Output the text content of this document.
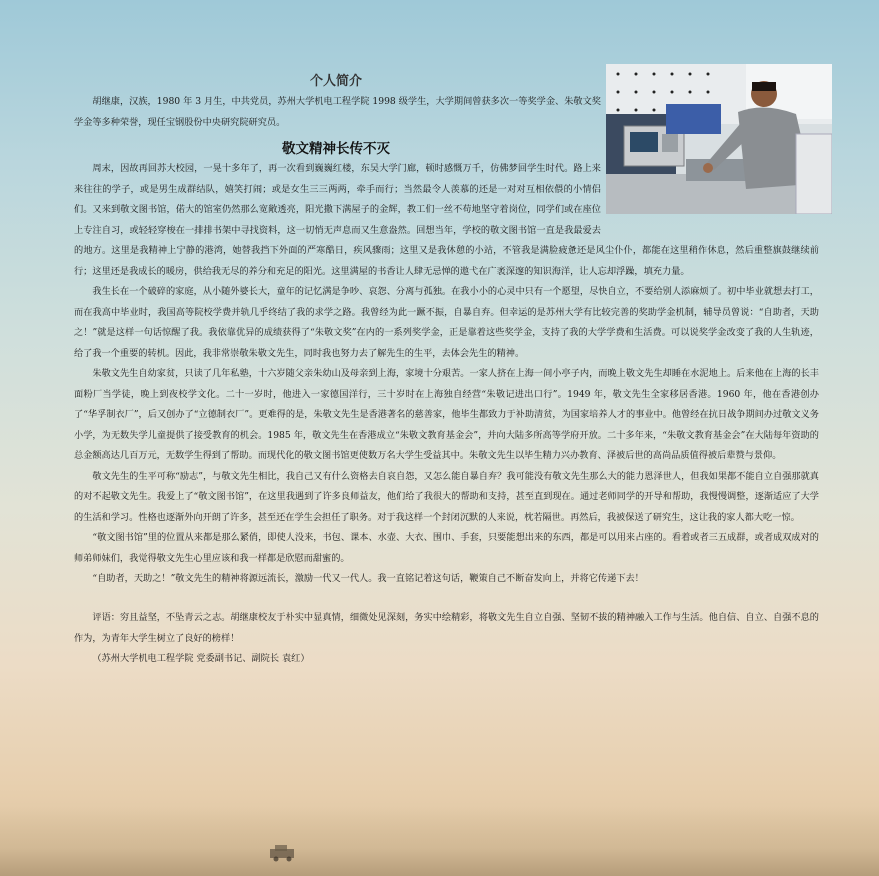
个人简介

胡继康，汉族，1980 年 3 月生，中共党员，苏州大学机电工程学院 1998 级学生，大学期间曾获多次一等奖学金、朱敬文奖学金等多种荣誉，现任宝钢股份中央研究院研究员。

敬文精神长传不灭

周末，因故再回苏大校园，一晃十多年了，再一次看到巍巍红楼，东吴大学门廊，顿时感慨万千，仿佛梦回学生时代。路上来来往往的学子，或是男生成群结队，嬉笑打闹；或是女生三三两两，牵手而行；当然最令人羡慕的还是一对对互相依偎的小情侣们。又来到敬文图书馆，偌大的馆室仍然那么宽敞透亮，阳光撒下满屋子的金辉，教工们一丝不苟地坚守着岗位，同学们或在座位上专注自习，或轻轻穿梭在一排排书架中寻找资料，这一切悄无声息而又生意盎然。回想当年，学校的敬文图书馆一直是我最爱去的地方。这里是我精神上宁静的港湾，她替我挡下外面的严寒酷日，疾风骤雨；这里又是我休憩的小站，不管我是满脸疲惫还是风尘仆仆，都能在这里稍作休息，然后重整旗鼓继续前行；这里还是我成长的暖房，供给我无尽的养分和充足的阳光。这里满屋的书香让人肆无忌惮的遨弋在广袤深邃的知识海洋，让人忘却浮躁，填充力量。

我生长在一个破碎的家庭，从小随外婆长大，童年的记忆满是争吵、哀怨、分离与孤独。在我小小的心灵中只有一个愿望，尽快自立，不要给别人添麻烦了。初中毕业就想去打工，而在我高中毕业时，我国高等院校学费并轨几乎终结了我的求学之路。我曾经为此一蹶不振，自暴自弃。但幸运的是苏州大学有比较完善的奖助学金机制，辅导员曾说：“自助者，天助之！”就是这样一句话惊醒了我。我依靠优异的成绩获得了“朱敬文奖”在内的一系列奖学金，正是靠着这些奖学金，支持了我的大学学费和生活费。可以说奖学金改变了我的人生轨迹，给了我一个重要的转机。因此，我非常崇敬朱敬文先生，同时我也努力去了解先生的生平，去体会先生的精神。

朱敬文先生自幼家贫，只读了几年私塾，十六岁随父亲朱幼山及母亲到上海，家境十分艰苦。一家人挤在上海一间小亭子内，而晚上敬文先生却睡在水泥地上。后来他在上海的长丰面粉厂当学徒，晚上到夜校学文化。二十一岁时，他进入一家德国洋行，三十岁时在上海独自经营“朱敬记进出口行”。1949 年，敬文先生全家移居香港。1960 年，他在香港创办了“华孚制衣厂”，后又创办了“立德制衣厂”。更难得的是，朱敬文先生是香港著名的慈善家，他毕生都致力于补助清贫，为国家培养人才的事业中。他曾经在抗日战争期间办过敬文义务小学，为无数失学儿童提供了接受教育的机会。1985 年，敬文先生在香港成立“朱敬文教育基金会”，并向大陆多所高等学府开放。二十多年来，“朱敬文教育基金会”在大陆每年资助的总金额高达几百万元，无数学生得到了帮助。而现代化的敬文图书馆更使数万名大学生受益其中。朱敬文先生以毕生精力兴办教育、泽被后世的高尚品质值得被后辈赞与景仰。

敬文先生的生平可称“励志”，与敬文先生相比，我自己又有什么资格去自哀自怨，又怎么能自暴自弃？我可能没有敬文先生那么大的能力恩泽世人，但我如果都不能自立自强那就真的对不起敬文先生。我爱上了“敬文图书馆”，在这里我遇到了许多良师益友，他们给了我很大的帮助和支持，甚至直到现在。通过老师同学的开导和帮助，我慢慢调整，逐渐适应了大学的生活和学习。性格也逐渐外向开朗了许多，甚至还在学生会担任了职务。对于我这样一个封闭沉默的人来说，枕若隔世。再然后，我被保送了研究生，这让我的家人都大吃一惊。

“敬文图书馆”里的位置从来都是那么紧俏，即使人没来，书包、课本、水壶、大衣、围巾、手套，只要能想出来的东西，都是可以用来占座的。看着或者三五成群，或者成双成对的师弟师妹们，我觉得敬文先生心里应该和我一样都是欣慰而甜蜜的。

“自助者，天助之！”敬文先生的精神将源远流长，激励一代又一代人。我一直铭记着这句话，鞭策自己不断奋发向上，并将它传递下去！

评语：穷且益坚，不坠青云之志。胡继康校友于朴实中显真情，细微处见深刻，务实中绘精彩，将敬文先生自立自强、坚韧不拔的精神融入工作与生活。他自信、自立、自强不息的作为，为青年大学生树立了良好的榜样！

（苏州大学机电工程学院 党委副书记、副院长 袁红）
